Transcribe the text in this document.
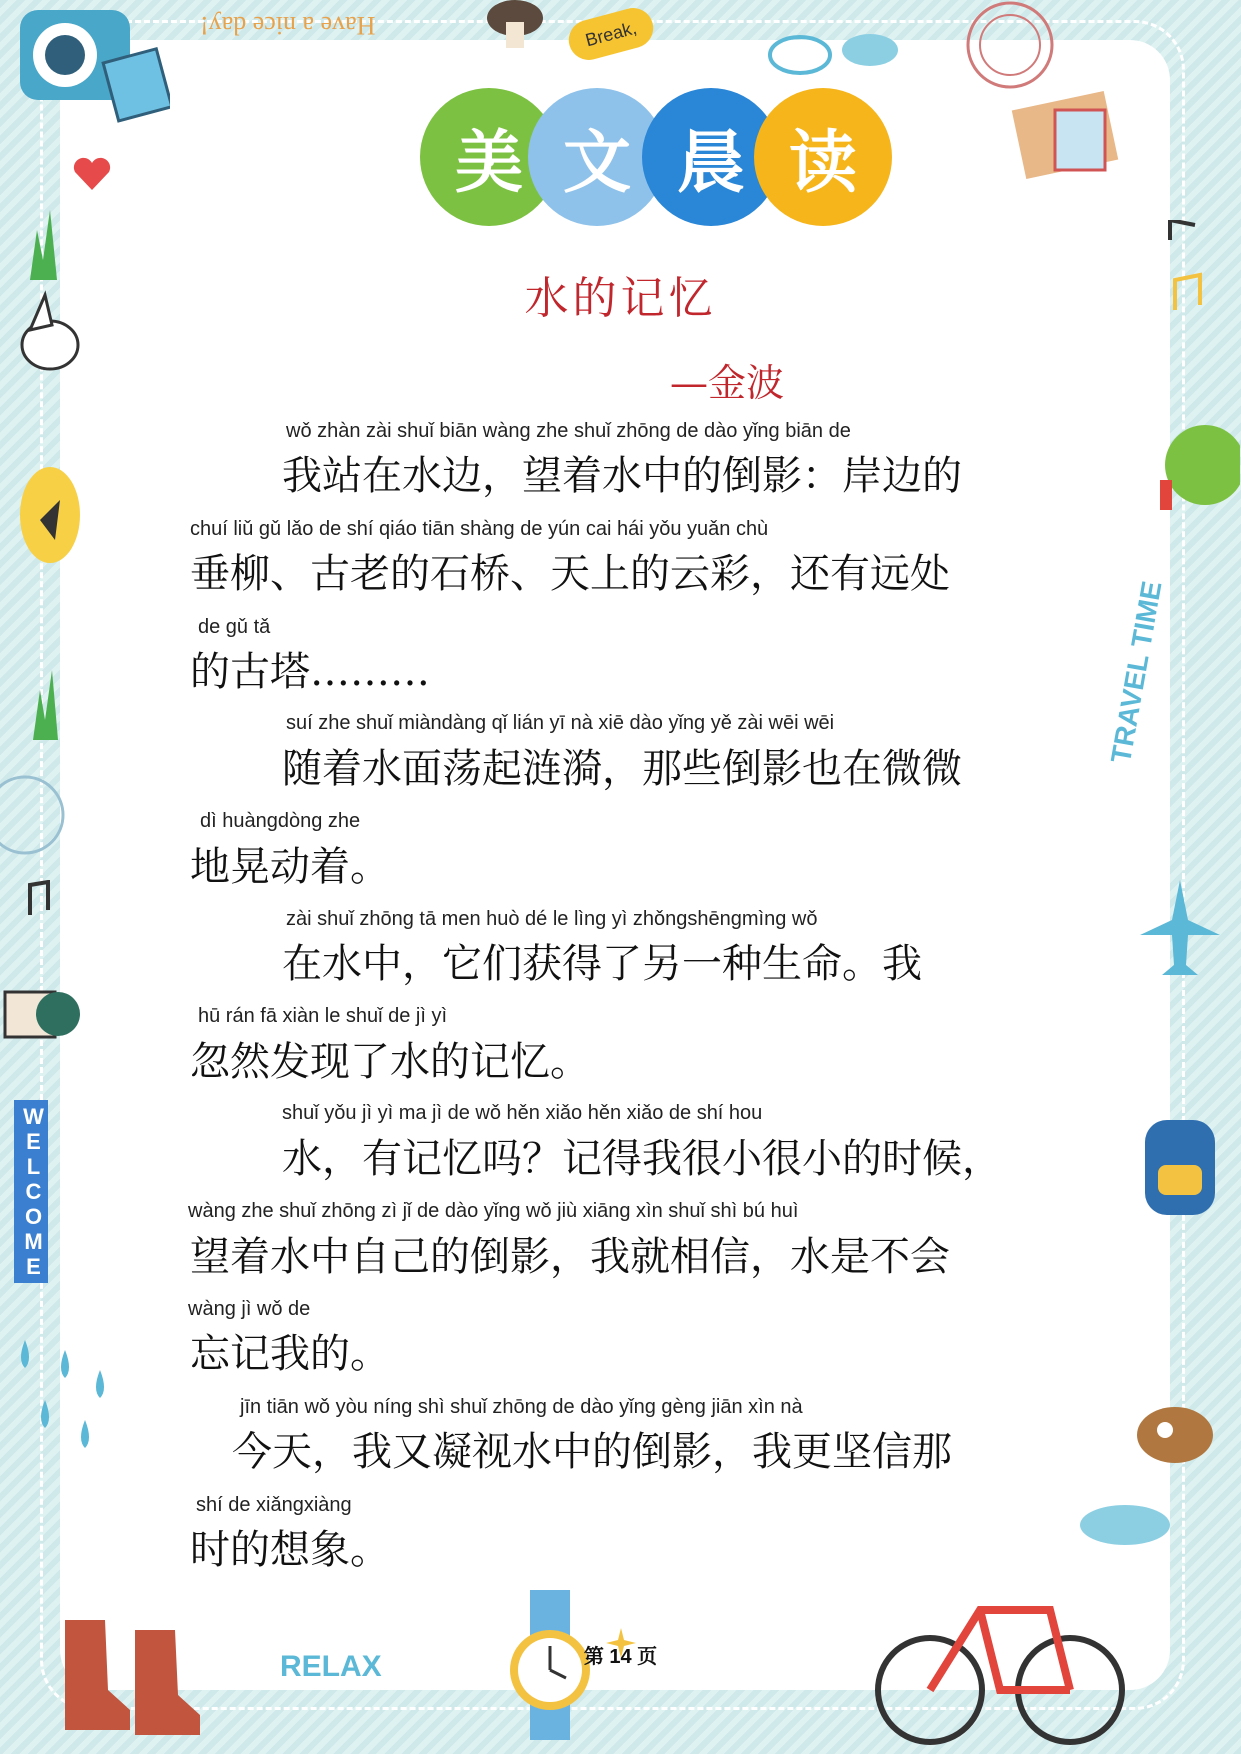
Have a nice day!	Break,
WELCOME
RELAX
TRAVEL TIME
美 文 晨 读
水的记忆
—金波
wǒ zhàn zài shuǐ biān wàng zhe shuǐ zhōng de dào yǐng biān de
我站在水边，望着水中的倒影：岸边的
chuí liǔ gǔ lǎo de shí qiáo tiān shàng de yún cai hái yǒu yuǎn chù
垂柳、古老的石桥、天上的云彩，还有远处
de gǔ tǎ
的古塔………
suí zhe shuǐ miàndàng qǐ lián yī nà xiē dào yǐng yě zài wēi wēi
随着水面荡起涟漪，那些倒影也在微微
dì huàngdòng zhe
地晃动着。
zài shuǐ zhōng tā men huò dé le lìng yì zhǒngshēngmìng wǒ
在水中，它们获得了另一种生命。我
hū rán fā xiàn le shuǐ de jì yì
忽然发现了水的记忆。
shuǐ yǒu jì yì ma jì de wǒ hěn xiǎo hěn xiǎo de shí hou
水，有记忆吗？记得我很小很小的时候，
wàng zhe shuǐ zhōng zì jǐ de dào yǐng wǒ jiù xiāng xìn shuǐ shì bú huì
望着水中自己的倒影，我就相信，水是不会
wàng jì wǒ de
忘记我的。
jīn tiān wǒ yòu níng shì shuǐ zhōng de dào yǐng gèng jiān xìn nà
今天，我又凝视水中的倒影，我更坚信那
shí de xiǎngxiàng
时的想象。
第 14 页
